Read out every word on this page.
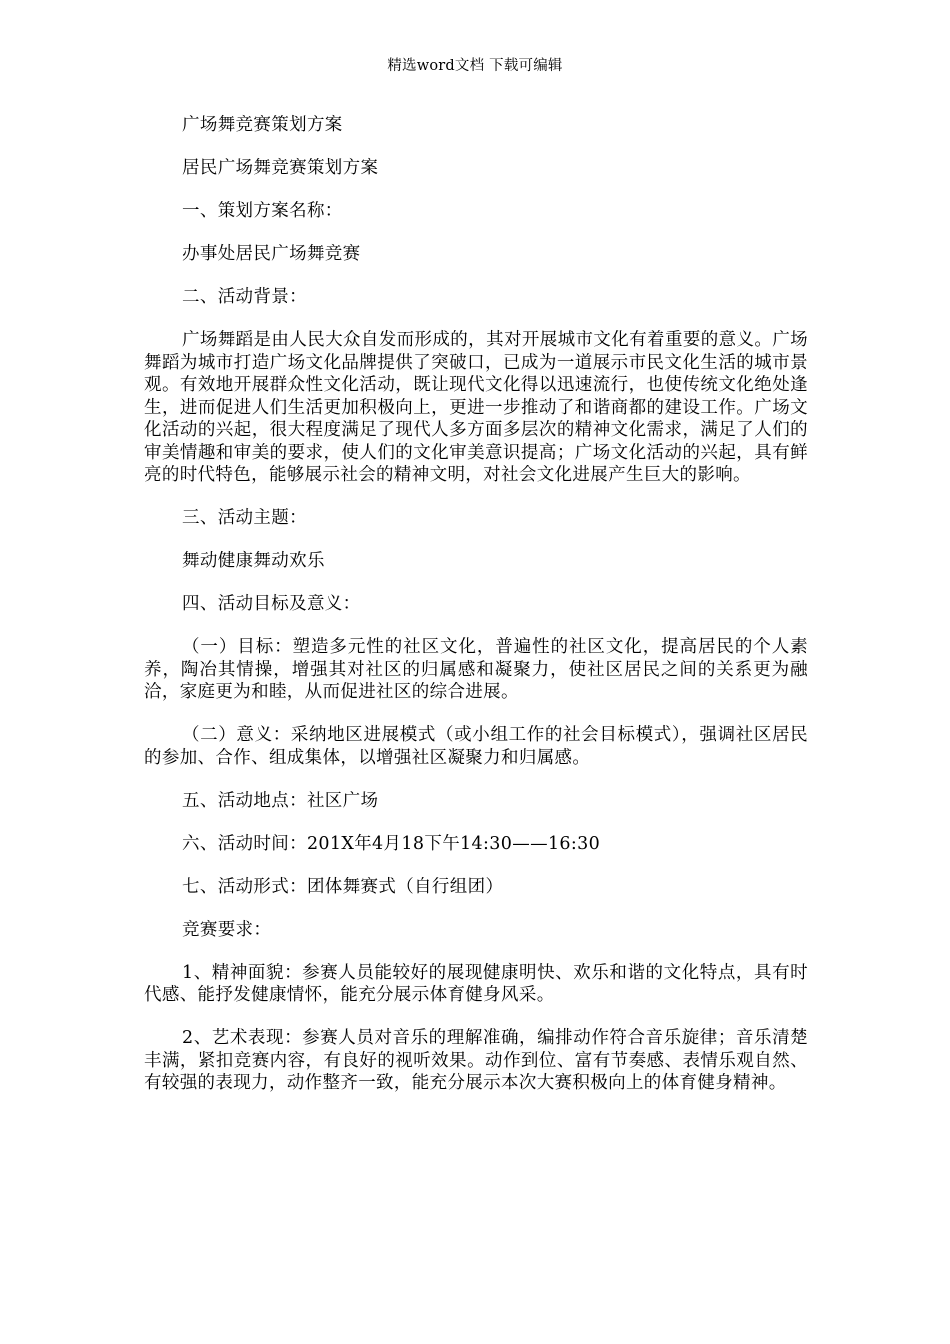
精选word文档 下载可编辑

广场舞竞赛策划方案

居民广场舞竞赛策划方案

一、策划方案名称：

办事处居民广场舞竞赛

二、活动背景：

广场舞蹈是由人民大众自发而形成的，其对开展城市文化有着重要的意义。广场舞蹈为城市打造广场文化品牌提供了突破口，已成为一道展示市民文化生活的城市景观。有效地开展群众性文化活动，既让现代文化得以迅速流行，也使传统文化绝处逢生，进而促进人们生活更加积极向上，更进一步推动了和谐商都的建设工作。广场文化活动的兴起，很大程度满足了现代人多方面多层次的精神文化需求，满足了人们的审美情趣和审美的要求，使人们的文化审美意识提高；广场文化活动的兴起，具有鲜亮的时代特色，能够展示社会的精神文明，对社会文化进展产生巨大的影响。

三、活动主题：

舞动健康舞动欢乐

四、活动目标及意义：

（一）目标：塑造多元性的社区文化，普遍性的社区文化，提高居民的个人素养，陶冶其情操，增强其对社区的归属感和凝聚力，使社区居民之间的关系更为融洽，家庭更为和睦，从而促进社区的综合进展。

（二）意义：采纳地区进展模式（或小组工作的社会目标模式），强调社区居民的参加、合作、组成集体，以增强社区凝聚力和归属感。

五、活动地点：社区广场

六、活动时间：201X年4月18下午14:30——16:30

七、活动形式：团体舞赛式（自行组团）

竞赛要求：

1、精神面貌：参赛人员能较好的展现健康明快、欢乐和谐的文化特点，具有时代感、能抒发健康情怀，能充分展示体育健身风采。

2、艺术表现：参赛人员对音乐的理解准确，编排动作符合音乐旋律；音乐清楚丰满，紧扣竞赛内容，有良好的视听效果。动作到位、富有节奏感、表情乐观自然、有较强的表现力，动作整齐一致，能充分展示本次大赛积极向上的体育健身精神。
